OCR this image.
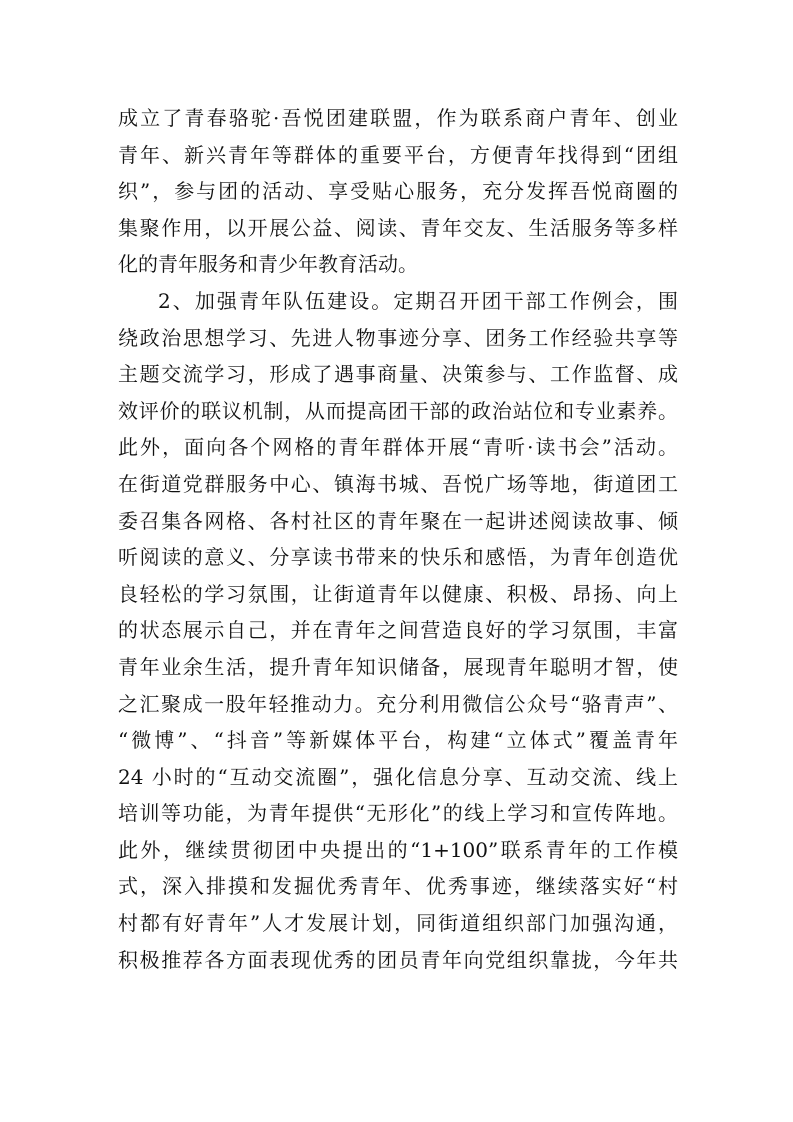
成立了青春骆驼·吾悦团建联盟，作为联系商户青年、创业
青年、新兴青年等群体的重要平台，方便青年找得到“团组
织”，参与团的活动、享受贴心服务，充分发挥吾悦商圈的
集聚作用，以开展公益、阅读、青年交友、生活服务等多样
化的青年服务和青少年教育活动。
2、加强青年队伍建设。定期召开团干部工作例会，围
绕政治思想学习、先进人物事迹分享、团务工作经验共享等
主题交流学习，形成了遇事商量、决策参与、工作监督、成
效评价的联议机制，从而提高团干部的政治站位和专业素养。
此外，面向各个网格的青年群体开展“青听·读书会”活动。
在街道党群服务中心、镇海书城、吾悦广场等地，街道团工
委召集各网格、各村社区的青年聚在一起讲述阅读故事、倾
听阅读的意义、分享读书带来的快乐和感悟，为青年创造优
良轻松的学习氛围，让街道青年以健康、积极、昂扬、向上
的状态展示自己，并在青年之间营造良好的学习氛围，丰富
青年业余生活，提升青年知识储备，展现青年聪明才智，使
之汇聚成一股年轻推动力。充分利用微信公众号“骆青声”、
“微博”、“抖音”等新媒体平台，构建“立体式”覆盖青年
24 小时的“互动交流圈”，强化信息分享、互动交流、线上
培训等功能，为青年提供“无形化”的线上学习和宣传阵地。
此外，继续贯彻团中央提出的“1+100”联系青年的工作模
式，深入排摸和发掘优秀青年、优秀事迹，继续落实好“村
村都有好青年”人才发展计划，同街道组织部门加强沟通，
积极推荐各方面表现优秀的团员青年向党组织靠拢，今年共
